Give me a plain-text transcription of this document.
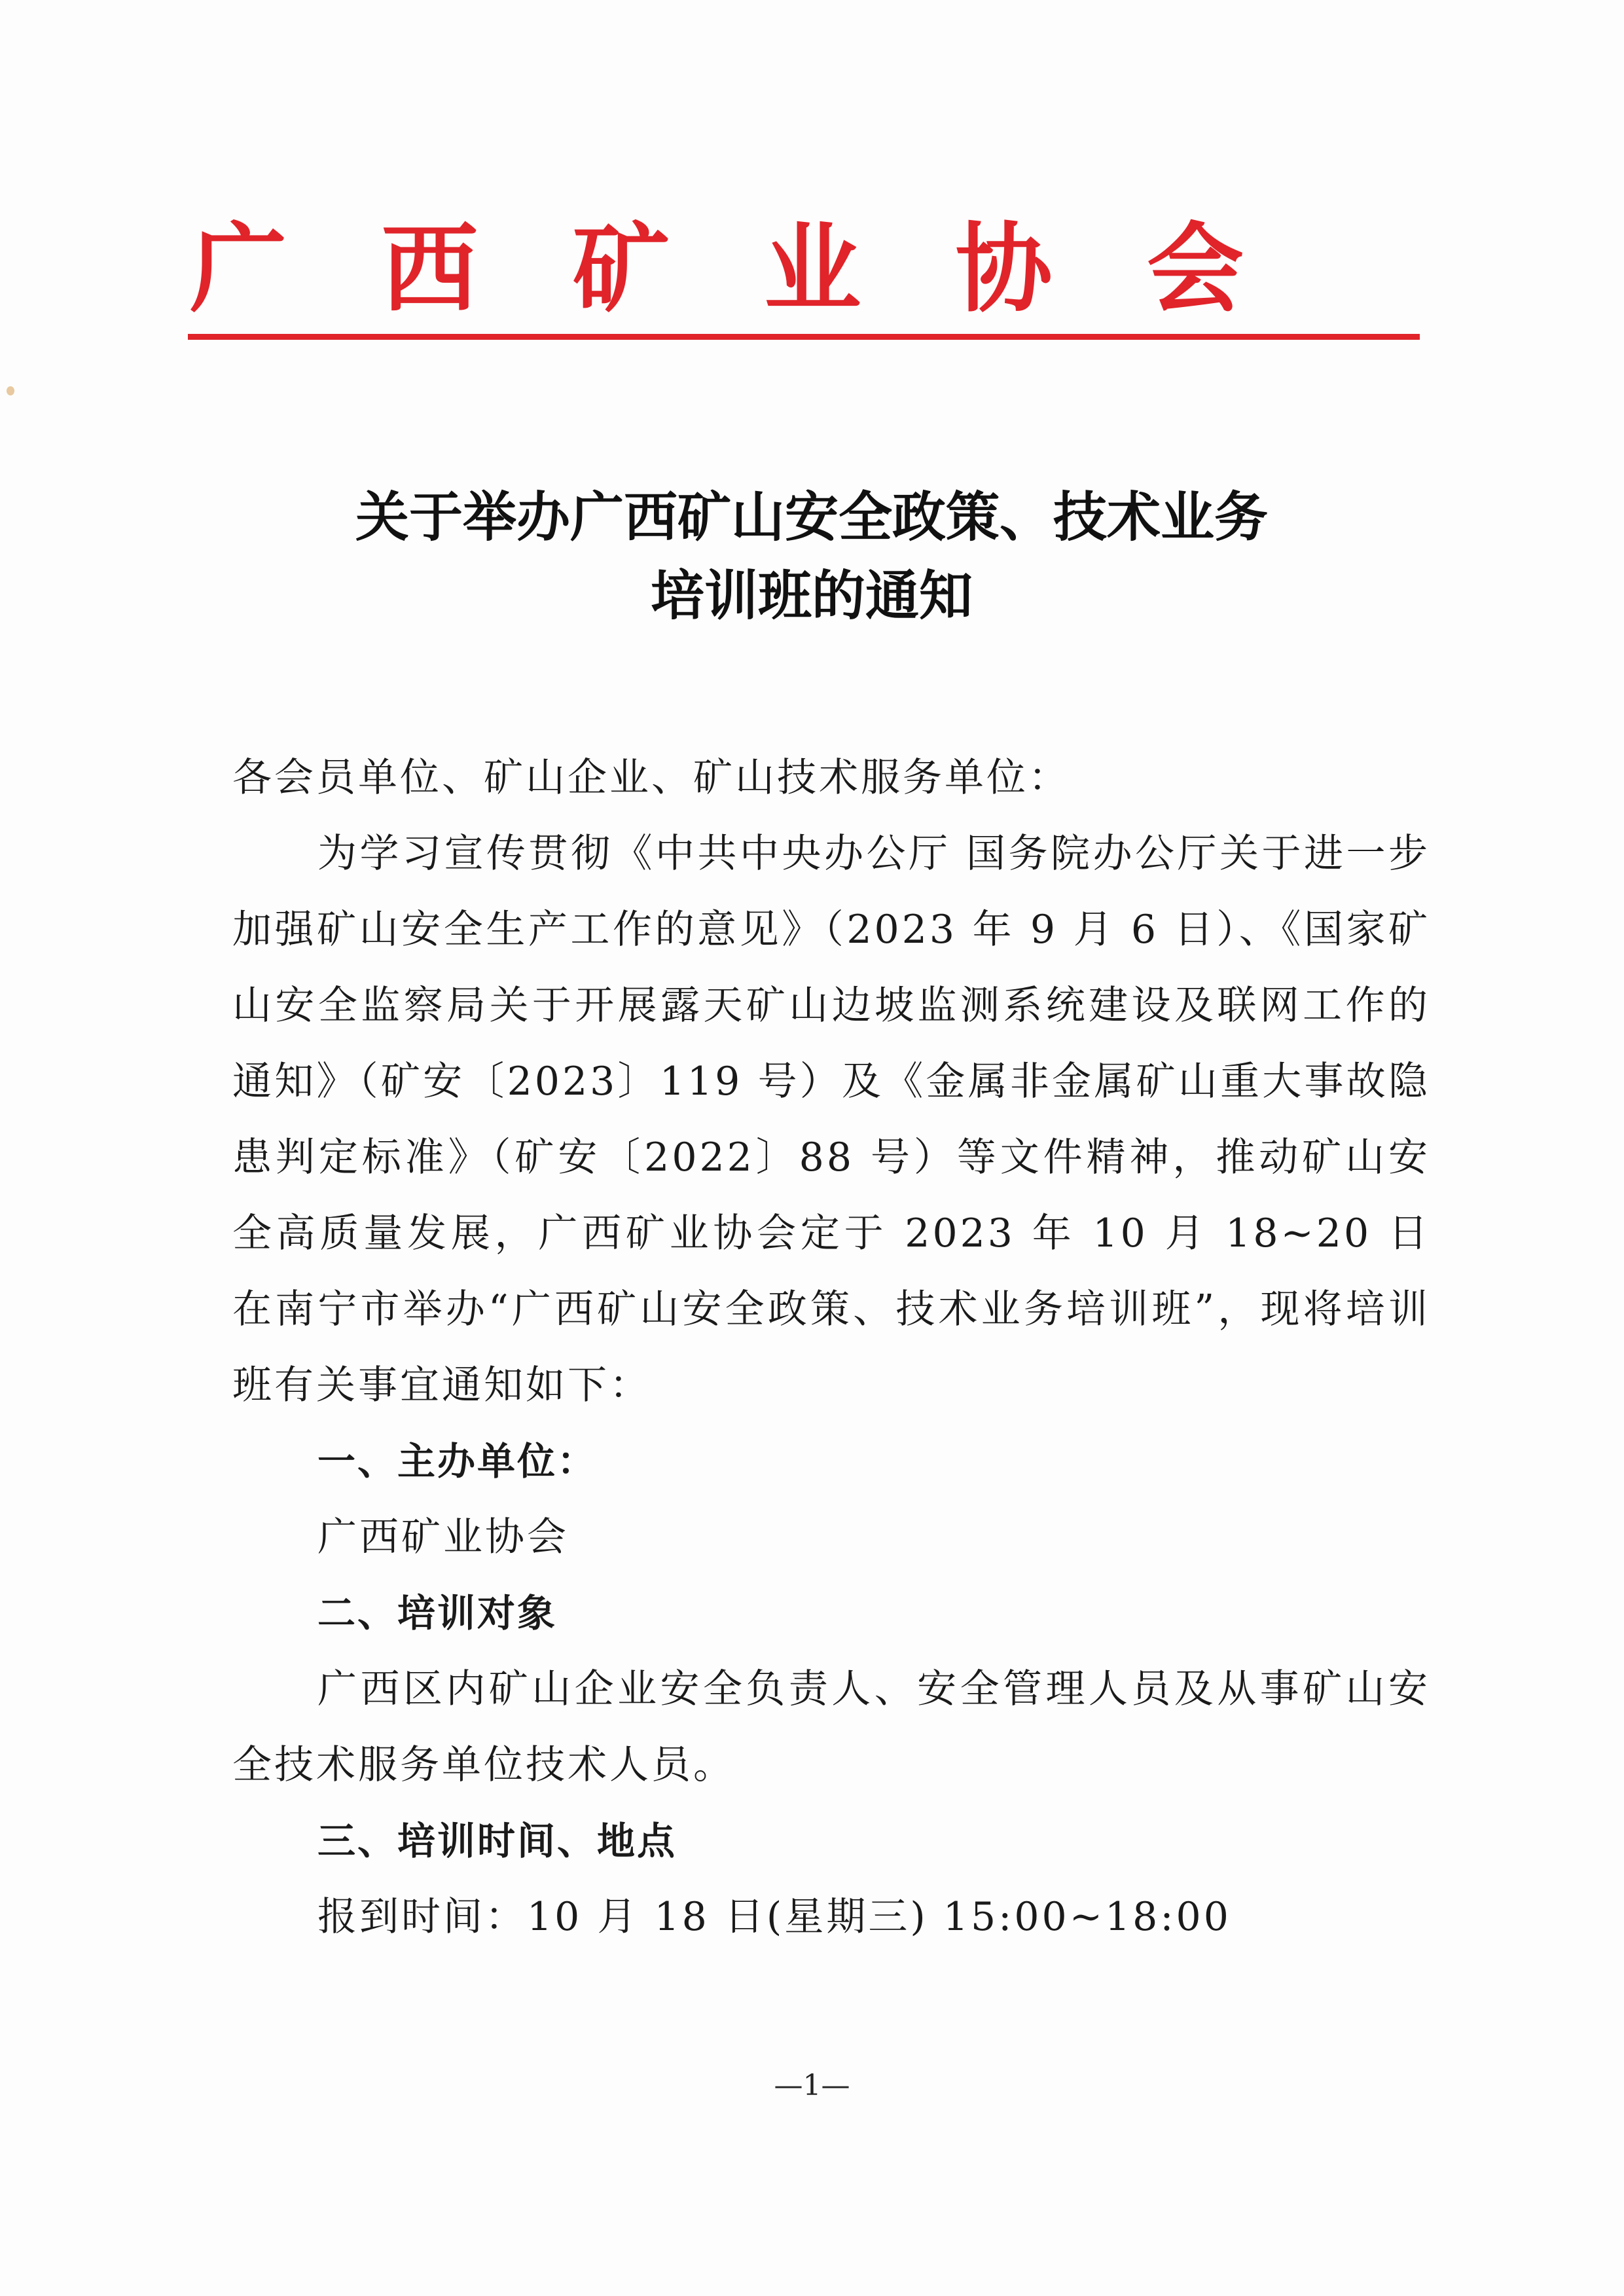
广 西 矿 业 协 会
关于举办广西矿山安全政策、技术业务
培训班的通知

各会员单位、矿山企业、矿山技术服务单位：

为学习宣传贯彻《中共中央办公厅 国务院办公厅关于进一步加强矿山安全生产工作的意见》（2023 年 9 月 6 日）、《国家矿山安全监察局关于开展露天矿山边坡监测系统建设及联网工作的通知》（矿安〔2023〕119 号）及《金属非金属矿山重大事故隐患判定标准》（矿安〔2022〕88 号）等文件精神，推动矿山安全高质量发展，广西矿业协会定于 2023 年 10 月 18~20 日在南宁市举办“广西矿山安全政策、技术业务培训班”，现将培训班有关事宜通知如下：

一、主办单位：

广西矿业协会

二、培训对象

广西区内矿山企业安全负责人、安全管理人员及从事矿山安全技术服务单位技术人员。

三、培训时间、地点

报到时间：10 月 18 日(星期三) 15:00~18:00

—1—
